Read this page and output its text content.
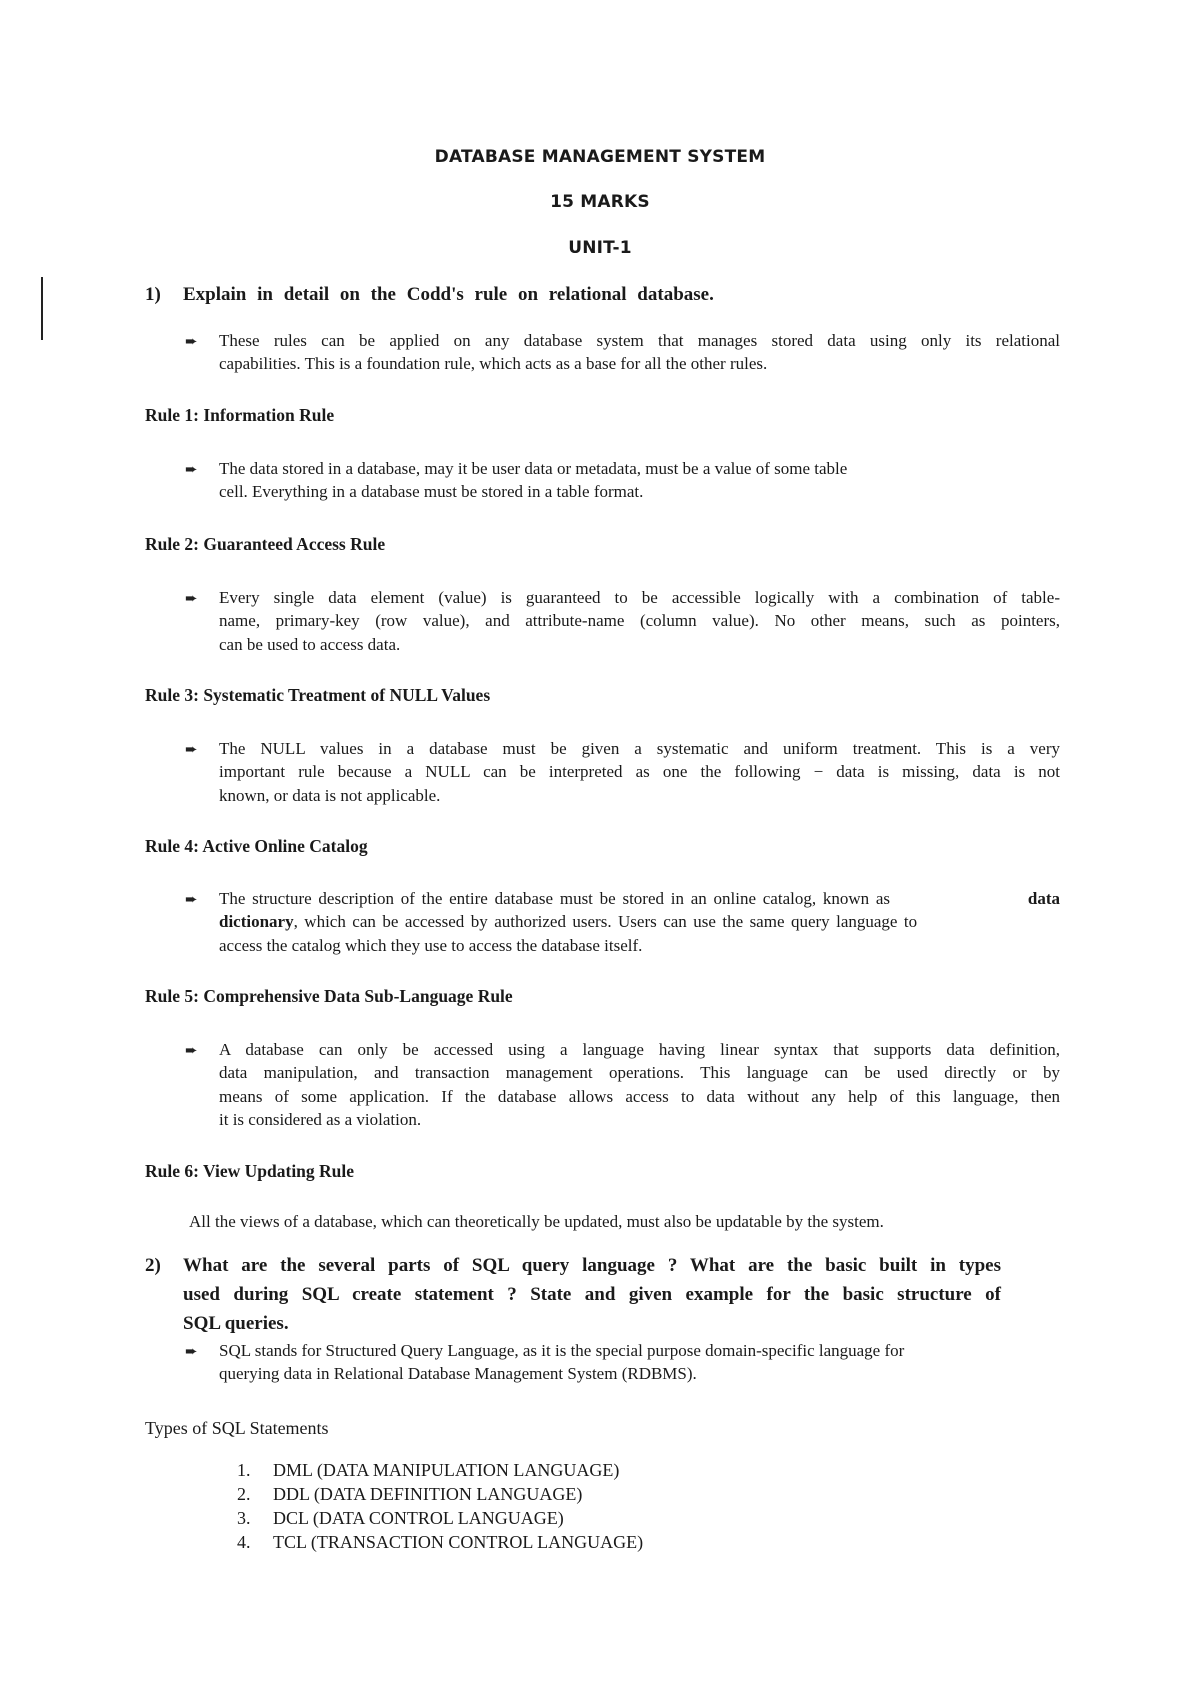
DATABASE MANAGEMENT SYSTEM
15 MARKS
UNIT-1
1) Explain in detail on the Codd's rule on relational database.
➨ These rules can be applied on any database system that manages stored data using only its relational
capabilities. This is a foundation rule, which acts as a base for all the other rules.
Rule 1: Information Rule
➨ The data stored in a database, may it be user data or metadata, must be a value of some table
cell. Everything in a database must be stored in a table format.
Rule 2: Guaranteed Access Rule
➨ Every single data element (value) is guaranteed to be accessible logically with a combination of table-
name, primary-key (row value), and attribute-name (column value). No other means, such as pointers,
can be used to access data.
Rule 3: Systematic Treatment of NULL Values
➨ The NULL values in a database must be given a systematic and uniform treatment. This is a very
important rule because a NULL can be interpreted as one the following − data is missing, data is not
known, or data is not applicable.
Rule 4: Active Online Catalog
➨ The structure description of the entire database must be stored in an online catalog, known as	data
dictionary , which can be accessed by authorized users. Users can use the same query language to
access the catalog which they use to access the database itself.
Rule 5: Comprehensive Data Sub-Language Rule
➨ A database can only be accessed using a language having linear syntax that supports data definition,
data manipulation, and transaction management operations. This language can be used directly or by
means of some application. If the database allows access to data without any help of this language, then
it is considered as a violation.
Rule 6: View Updating Rule
All the views of a database, which can theoretically be updated, must also be updatable by the system.
2) What are the several parts of SQL query language ? What are the basic built in types
used during SQL create statement ? State and given example for the basic structure of
SQL queries.
➨ SQL stands for Structured Query Language, as it is the special purpose domain-specific language for
querying data in Relational Database Management System (RDBMS).
Types of SQL Statements
1. DML (DATA MANIPULATION LANGUAGE)
2. DDL (DATA DEFINITION LANGUAGE)
3. DCL (DATA CONTROL LANGUAGE)
4. TCL (TRANSACTION CONTROL LANGUAGE)
